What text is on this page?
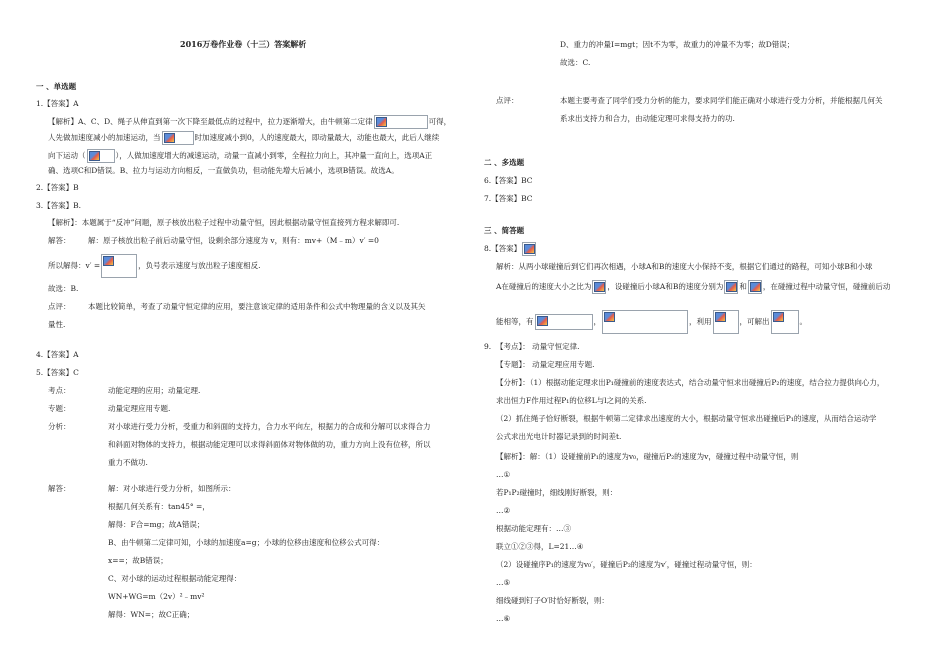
2016万卷作业卷（十三）答案解析
一 、单选题
1.【答案】A
【解析】A、C、D、绳子从伸直到第一次下降至最低点的过程中，拉力逐渐增大，由牛顿第二定律	可得，
人先做加速度减小的加速运动，当	时加速度减小到0，人的速度最大，即动量最大，动能也最大，此后人继续
向下运动（	），人做加速度增大的减速运动，动量一直减小到零，全程拉力向上，其冲量一直向上，选项A正
确、选项C和D错误。B、拉力与运动方向相反，一直做负功，但动能先增大后减小，选项B错误。故选A。
2.【答案】B
3.【答案】B.
【解析】：本题属于“反冲”问题，原子核放出粒子过程中动量守恒，因此根据动量守恒直接列方程求解即可.
解答： 解：原子核放出粒子前后动量守恒，设剩余部分速度为 v，则有：mv+（M﹣m）v′ =0
所以解得：v′ =	，负号表示速度与放出粒子速度相反.
故选：B.
点评： 本题比较简单，考查了动量守恒定律的应用，要注意该定律的适用条件和公式中物理量的含义以及其矢
量性.
4.【答案】A
5.【答案】C
考点：	动能定理的应用；动量定理.
专题：	动量定理应用专题.
分析：	对小球进行受力分析，受重力和斜面的支持力，合力水平向左，根据力的合成和分解可以求得合力
和斜面对物体的支持力，根据动能定理可以求得斜面体对物体做的功，重力方向上没有位移，所以
重力不做功.
解答：	解：对小球进行受力分析，如图所示：
根据几何关系有：tan45° =，
解得：F合=mg；故A错误；
B、由牛顿第二定律可知，小球的加速度a=g；小球的位移由速度和位移公式可得：
x==；故B错误；
C、对小球的运动过程根据动能定理得：
WN+WG=m（2v）²﹣mv²
解得：WN=；故C正确；
D、重力的冲量I=mgt；因t不为零，故重力的冲量不为零；故D错误；
故选：C.
点评：	本题主要考查了同学们受力分析的能力，要求同学们能正确对小球进行受力分析，并能根据几何关
系求出支持力和合力，由动能定理可求得支持力的功.
二 、多选题
6.【答案】BC
7.【答案】BC
三 、简答题
8.【答案】
解析：从两小球碰撞后到它们再次相遇，小球A和B的速度大小保持不变，根据它们通过的路程，可知小球B和小球
A在碰撞后的速度大小之比为 ，设碰撞后小球A和B的速度分别为 和 ，在碰撞过程中动量守恒，碰撞前后动
能相等，有	，	，利用	，可解出	。
9. 【考点】： 动量守恒定律.
【专题】： 动量定理应用专题.
【分析】：（1）根据动能定理求出P₁碰撞前的速度表达式，结合动量守恒求出碰撞后P₂的速度，结合拉力提供向心力，
求出恒力F作用过程P₁的位移L与l之间的关系.
（2）抓住绳子恰好断裂，根据牛顿第二定律求出速度的大小，根据动量守恒求出碰撞后P₁的速度，从而结合运动学
公式求出光电计时器记录到的时间差t.
【解析】：解：（1）设碰撞前P₁的速度为v₀，碰撞后P₂的速度为v，碰撞过程中动量守恒，则
…①
若P₁P₂碰撞时，细线刚好断裂，则：
…②
根据动能定理有：…③
联立①②③得，L=21…④
（2）设碰撞序P₁的速度为v₀′，碰撞后P₂的速度为v′，碰撞过程动量守恒，则：
…⑤
细线碰到钉子O′时恰好断裂，则：
…⑥
